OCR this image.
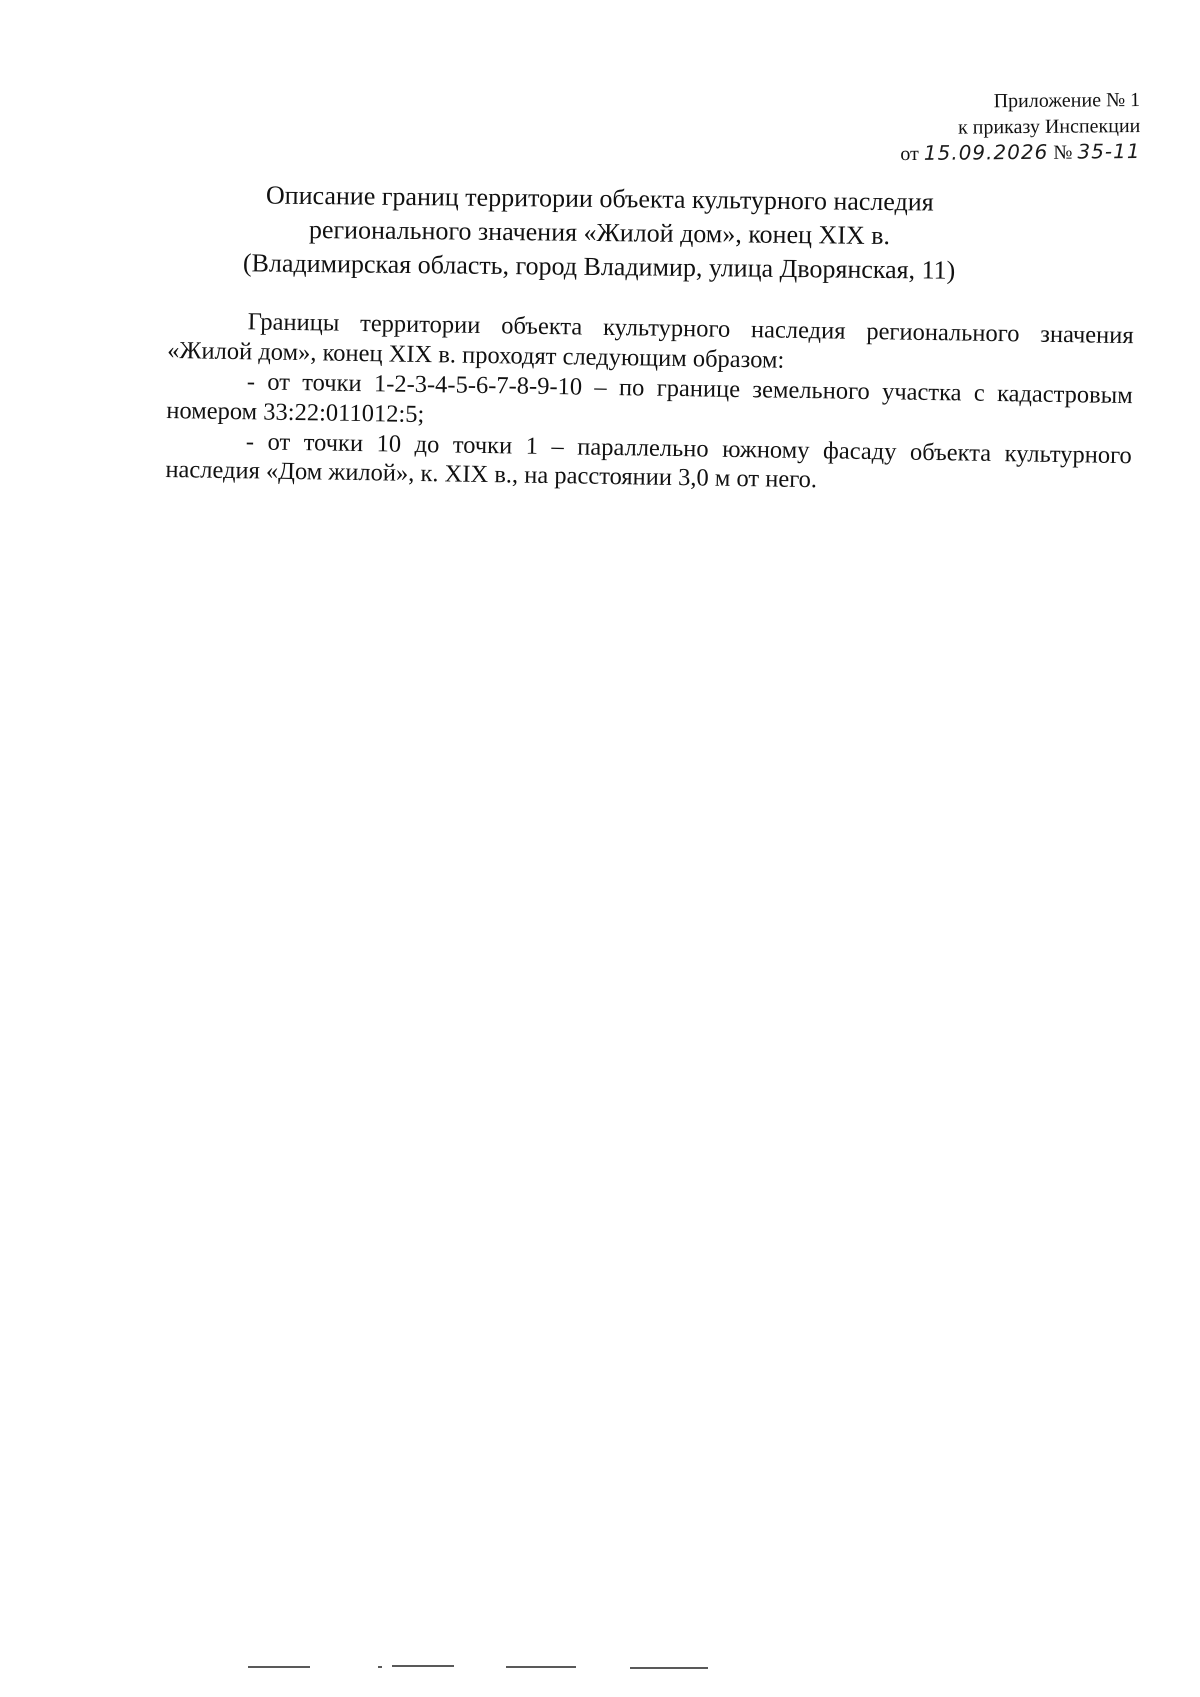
Приложение № 1
к приказу Инспекции
от 15.09.2026 № 35-11
Описание границ территории объекта культурного наследия
регионального значения «Жилой дом», конец XIX в.
(Владимирская область, город Владимир, улица Дворянская, 11)

Границы территории объекта культурного наследия регионального значения «Жилой дом», конец XIX в. проходят следующим образом:

- от точки 1-2-3-4-5-6-7-8-9-10 – по границе земельного участка с кадастровым номером 33:22:011012:5;

- от точки 10 до точки 1 – параллельно южному фасаду объекта культурного наследия «Дом жилой», к. XIX в., на расстоянии 3,0 м от него.
